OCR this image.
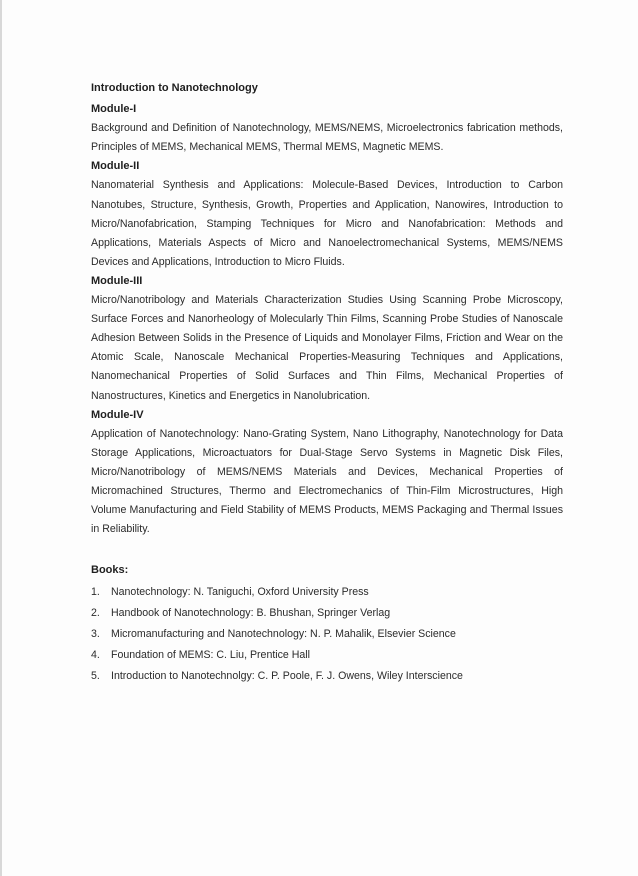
Introduction to Nanotechnology
Module-I

Background and Definition of Nanotechnology, MEMS/NEMS, Microelectronics fabrication methods, Principles of MEMS, Mechanical MEMS, Thermal MEMS, Magnetic MEMS.

Module-II

Nanomaterial Synthesis and Applications: Molecule-Based Devices, Introduction to Carbon Nanotubes, Structure, Synthesis, Growth, Properties and Application, Nanowires, Introduction to Micro/Nanofabrication, Stamping Techniques for Micro and Nanofabrication: Methods and Applications, Materials Aspects of Micro and Nanoelectromechanical Systems, MEMS/NEMS Devices and Applications, Introduction to Micro Fluids.

Module-III

Micro/Nanotribology and Materials Characterization Studies Using Scanning Probe Microscopy, Surface Forces and Nanorheology of Molecularly Thin Films, Scanning Probe Studies of Nanoscale Adhesion Between Solids in the Presence of Liquids and Monolayer Films, Friction and Wear on the Atomic Scale, Nanoscale Mechanical Properties-Measuring Techniques and Applications, Nanomechanical Properties of Solid Surfaces and Thin Films, Mechanical Properties of Nanostructures, Kinetics and Energetics in Nanolubrication.

Module-IV

Application of Nanotechnology: Nano-Grating System, Nano Lithography, Nanotechnology for Data Storage Applications, Microactuators for Dual-Stage Servo Systems in Magnetic Disk Files, Micro/Nanotribology of MEMS/NEMS Materials and Devices, Mechanical Properties of Micromachined Structures, Thermo and Electromechanics of Thin-Film Microstructures, High Volume Manufacturing and Field Stability of MEMS Products, MEMS Packaging and Thermal Issues in Reliability.

Books:
1.	Nanotechnology: N. Taniguchi, Oxford University Press
2.	Handbook of Nanotechnology: B. Bhushan, Springer Verlag
3.	Micromanufacturing and Nanotechnology: N. P. Mahalik, Elsevier Science
4.	Foundation of MEMS: C. Liu, Prentice Hall
5.	Introduction to Nanotechnolgy: C. P. Poole, F. J. Owens, Wiley Interscience
